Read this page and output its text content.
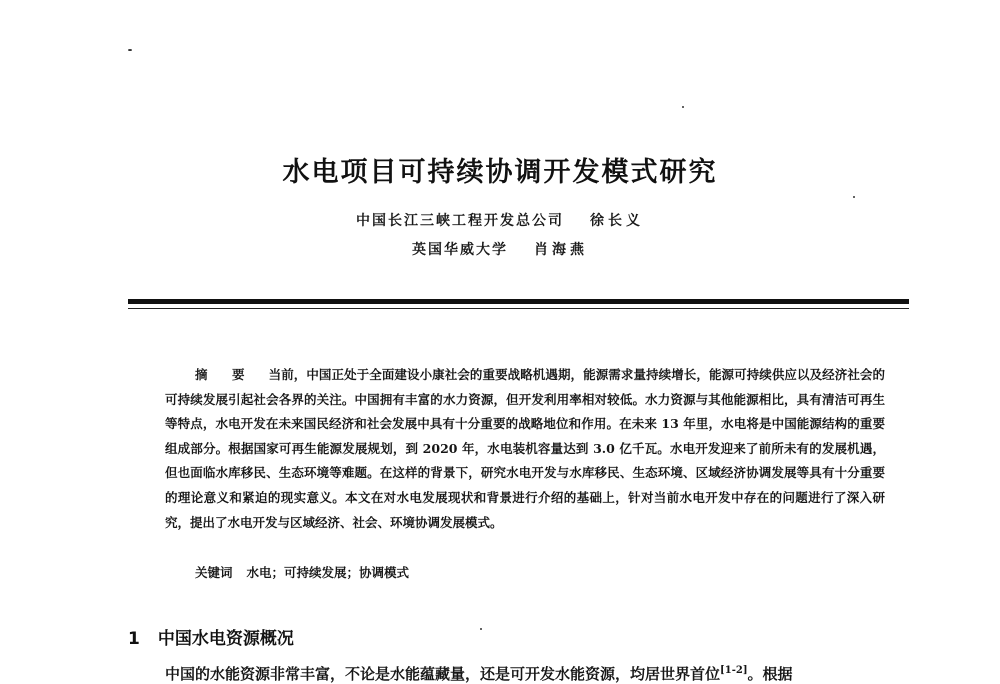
水电项目可持续协调开发模式研究
中国长江三峡工程开发总公司 徐长义
英国华威大学 肖海燕
摘 要 当前，中国正处于全面建设小康社会的重要战略机遇期，能源需求量持续增长，能源可持续供应以及经济社会的可持续发展引起社会各界的关注。中国拥有丰富的水力资源，但开发利用率相对较低。水力资源与其他能源相比，具有清洁可再生等特点，水电开发在未来国民经济和社会发展中具有十分重要的战略地位和作用。在未来 13 年里，水电将是中国能源结构的重要组成部分。根据国家可再生能源发展规划，到 2020 年，水电装机容量达到 3.0 亿千瓦。水电开发迎来了前所未有的发展机遇，但也面临水库移民、生态环境等难题。在这样的背景下，研究水电开发与水库移民、生态环境、区域经济协调发展等具有十分重要的理论意义和紧迫的现实意义。本文在对水电发展现状和背景进行介绍的基础上，针对当前水电开发中存在的问题进行了深入研究，提出了水电开发与区域经济、社会、环境协调发展模式。
关键词 水电；可持续发展；协调模式
1 中国水电资源概况
中国的水能资源非常丰富，不论是水能蕴藏量，还是可开发水能资源，均居世界首位[1-2]。根据
